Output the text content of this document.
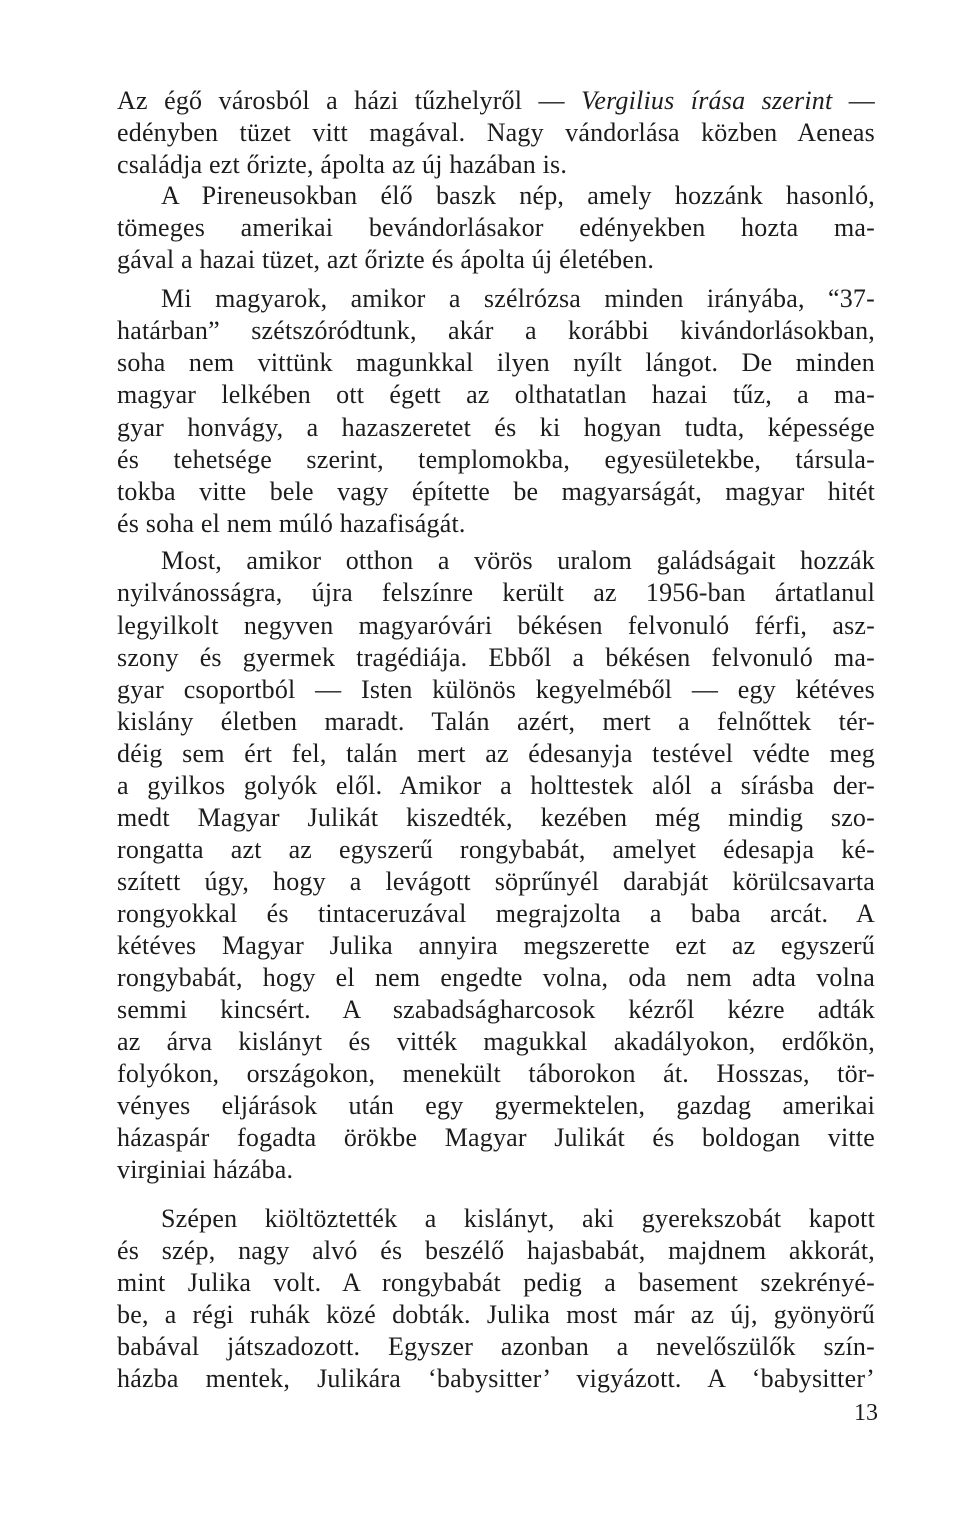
Az égő városból a házi tűzhelyről — Vergilius írása szerint —
edényben tüzet vitt magával. Nagy vándorlása közben Aeneas
családja ezt őrizte, ápolta az új hazában is.
A Pireneusokban élő baszk nép, amely hozzánk hasonló,
tömeges amerikai bevándorlásakor edényekben hozta ma-
gával a hazai tüzet, azt őrizte és ápolta új életében.
Mi magyarok, amikor a szélrózsa minden irányába, “37-
határban” szétszóródtunk, akár a korábbi kivándorlásokban,
soha nem vittünk magunkkal ilyen nyílt lángot. De minden
magyar lelkében ott égett az olthatatlan hazai tűz, a ma-
gyar honvágy, a hazaszeretet és ki hogyan tudta, képessége
és tehetsége szerint, templomokba, egyesületekbe, társula-
tokba vitte bele vagy építette be magyarságát, magyar hitét
és soha el nem múló hazafiságát.
Most, amikor otthon a vörös uralom galádságait hozzák
nyilvánosságra, újra felszínre került az 1956-ban ártatlanul
legyilkolt negyven magyaróvári békésen felvonuló férfi, asz-
szony és gyermek tragédiája. Ebből a békésen felvonuló ma-
gyar csoportból — Isten különös kegyelméből — egy kétéves
kislány életben maradt. Talán azért, mert a felnőttek tér-
déig sem ért fel, talán mert az édesanyja testével védte meg
a gyilkos golyók elől. Amikor a holttestek alól a sírásba der-
medt Magyar Julikát kiszedték, kezében még mindig szo-
rongatta azt az egyszerű rongybabát, amelyet édesapja ké-
szített úgy, hogy a levágott söprűnyél darabját körülcsavarta
rongyokkal és tintaceruzával megrajzolta a baba arcát. A
kétéves Magyar Julika annyira megszerette ezt az egyszerű
rongybabát, hogy el nem engedte volna, oda nem adta volna
semmi kincsért. A szabadságharcosok kézről kézre adták
az árva kislányt és vitték magukkal akadályokon, erdőkön,
folyókon, országokon, menekült táborokon át. Hosszas, tör-
vényes eljárások után egy gyermektelen, gazdag amerikai
házaspár fogadta örökbe Magyar Julikát és boldogan vitte
virginiai házába.
Szépen kiöltöztették a kislányt, aki gyerekszobát kapott
és szép, nagy alvó és beszélő hajasbabát, majdnem akkorát,
mint Julika volt. A rongybabát pedig a basement szekrényé-
be, a régi ruhák közé dobták. Julika most már az új, gyönyörű
babával játszadozott. Egyszer azonban a nevelőszülők szín-
házba mentek, Julikára ‘babysitter’ vigyázott. A ‘babysitter’
13
